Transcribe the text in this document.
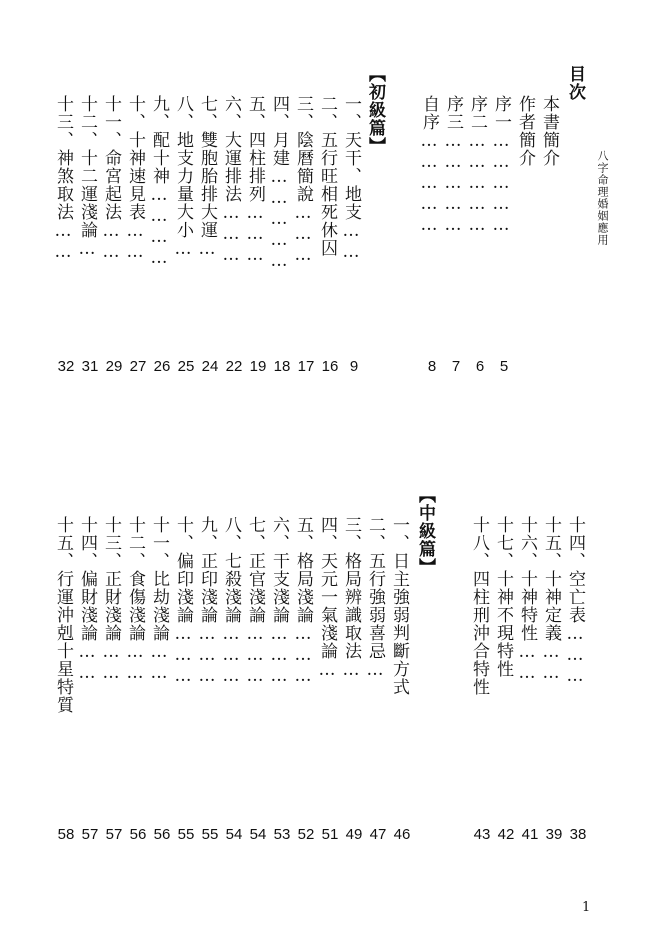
八字命理婚姻應用
目次
本書簡介
作者簡介
序一……………
5
序二……………
6
序三……………
7
自序……………
8
【初級篇】
一、天干、地支……
9
二、五行旺相死休囚
16
三、陰曆簡說………
17
四、月建……………
18
五、四柱排列………
19
六、大運排法………
22
七、雙胞胎排大運…
24
八、地支力量大小…
25
九、配十神…………
26
十、十神速見表……
27
十一、命宮起法……
29
十二、十二運淺論…
31
十三、神煞取法……
32
十四、空亡表………
38
十五、十神定義……
39
十六、十神特性……
41
十七、十神不現特性
42
十八、四柱刑沖合特性
43
【中級篇】
一、日主強弱判斷方式
46
二、五行強弱喜忌…
47
三、格局辨識取法…
49
四、天元一氣淺論…
51
五、格局淺論………
52
六、干支淺論………
53
七、正官淺論………
54
八、七殺淺論………
54
九、正印淺論………
55
十、偏印淺論………
55
十一、比劫淺論……
56
十二、食傷淺論……
56
十三、正財淺論……
57
十四、偏財淺論……
57
十五、行運沖剋十星特質
58
1
